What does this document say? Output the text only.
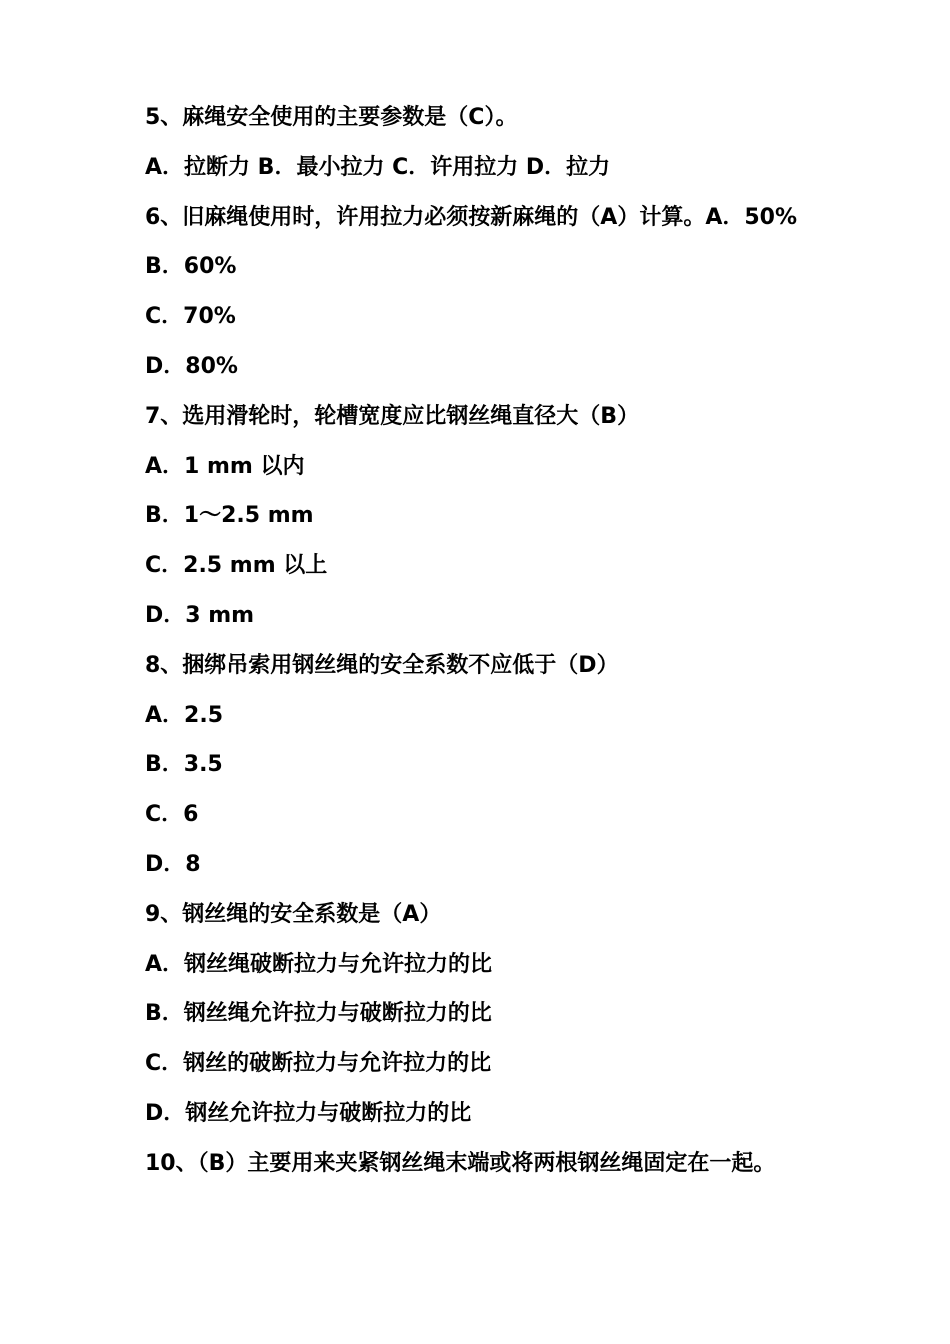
5、麻绳安全使用的主要参数是（C）。
A．拉断力 B．最小拉力 C．许用拉力 D．拉力
6、旧麻绳使用时，许用拉力必须按新麻绳的（A）计算。A．50%
B．60%
C．70%
D．80%
7、选用滑轮时，轮槽宽度应比钢丝绳直径大（B）
A．1 mm 以内
B．1～2.5 mm
C．2.5 mm 以上
D．3 mm
8、捆绑吊索用钢丝绳的安全系数不应低于（D）
A．2.5
B．3.5
C．6
D．8
9、钢丝绳的安全系数是（A）
A．钢丝绳破断拉力与允许拉力的比
B．钢丝绳允许拉力与破断拉力的比
C．钢丝的破断拉力与允许拉力的比
D．钢丝允许拉力与破断拉力的比
10、（B）主要用来夹紧钢丝绳末端或将两根钢丝绳固定在一起。
